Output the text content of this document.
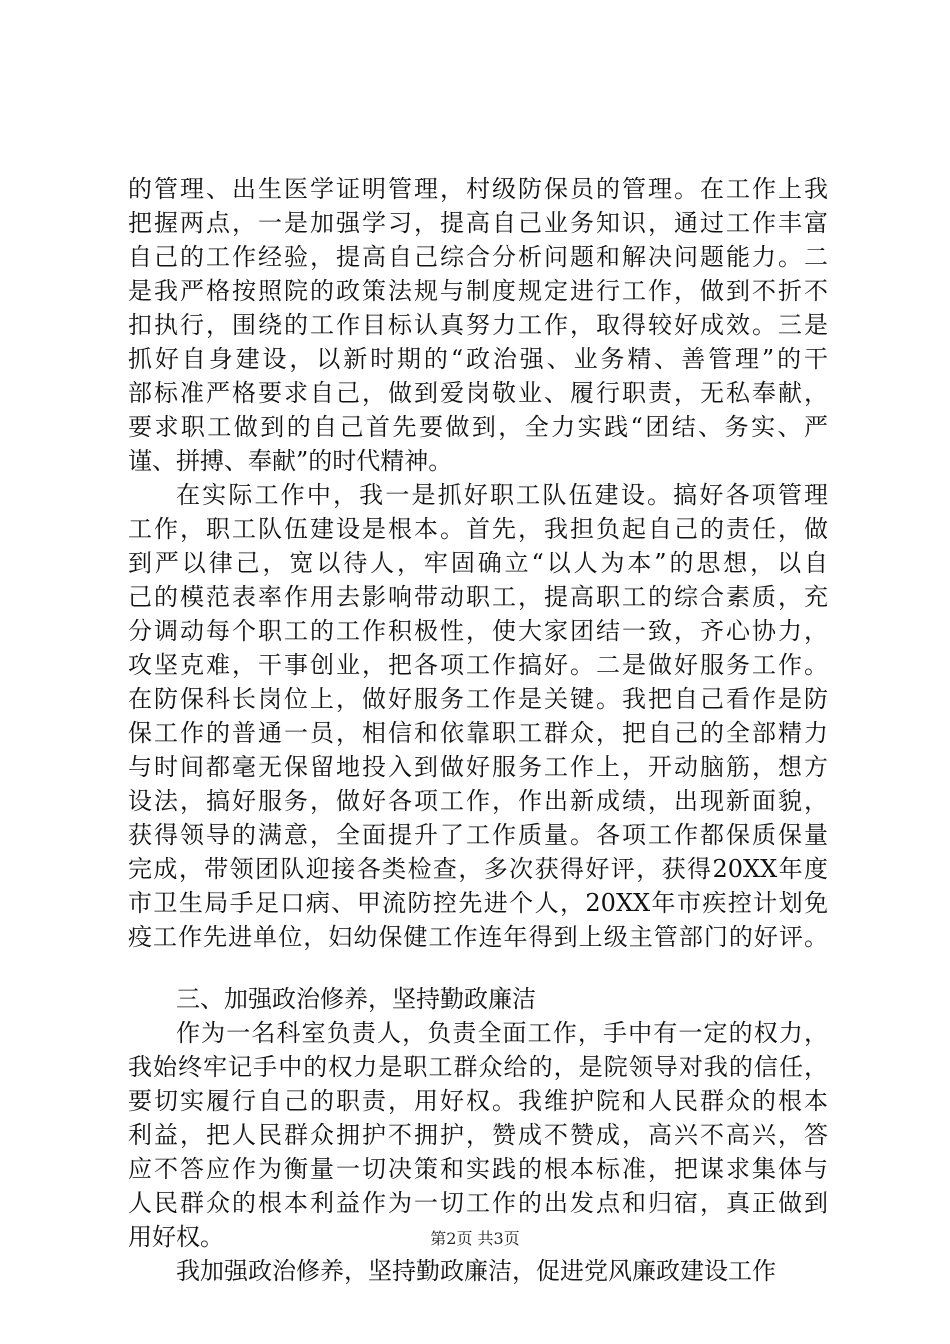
的管理、出生医学证明管理，村级防保员的管理。在工作上我
把握两点，一是加强学习，提高自己业务知识，通过工作丰富
自己的工作经验，提高自己综合分析问题和解决问题能力。二
是我严格按照院的政策法规与制度规定进行工作，做到不折不
扣执行，围绕的工作目标认真努力工作，取得较好成效。三是
抓好自身建设，以新时期的“政治强、业务精、善管理”的干
部标准严格要求自己，做到爱岗敬业、履行职责，无私奉献，
要求职工做到的自己首先要做到，全力实践“团结、务实、严
谨、拼搏、奉献”的时代精神。
在实际工作中，我一是抓好职工队伍建设。搞好各项管理
工作，职工队伍建设是根本。首先，我担负起自己的责任，做
到严以律己，宽以待人，牢固确立“以人为本”的思想，以自
己的模范表率作用去影响带动职工，提高职工的综合素质，充
分调动每个职工的工作积极性，使大家团结一致，齐心协力，
攻坚克难，干事创业，把各项工作搞好。二是做好服务工作。
在防保科长岗位上，做好服务工作是关键。我把自己看作是防
保工作的普通一员，相信和依靠职工群众，把自己的全部精力
与时间都毫无保留地投入到做好服务工作上，开动脑筋，想方
设法，搞好服务，做好各项工作，作出新成绩，出现新面貌，
获得领导的满意，全面提升了工作质量。各项工作都保质保量
完成，带领团队迎接各类检查，多次获得好评，获得20XX年度
市卫生局手足口病、甲流防控先进个人，20XX年市疾控计划免
疫工作先进单位，妇幼保健工作连年得到上级主管部门的好评。
三、加强政治修养，坚持勤政廉洁
作为一名科室负责人，负责全面工作，手中有一定的权力，
我始终牢记手中的权力是职工群众给的，是院领导对我的信任，
要切实履行自己的职责，用好权。我维护院和人民群众的根本
利益，把人民群众拥护不拥护，赞成不赞成，高兴不高兴，答
应不答应作为衡量一切决策和实践的根本标准，把谋求集体与
人民群众的根本利益作为一切工作的出发点和归宿，真正做到
用好权。
我加强政治修养，坚持勤政廉洁，促进党风廉政建设工作
第2页 共3页
